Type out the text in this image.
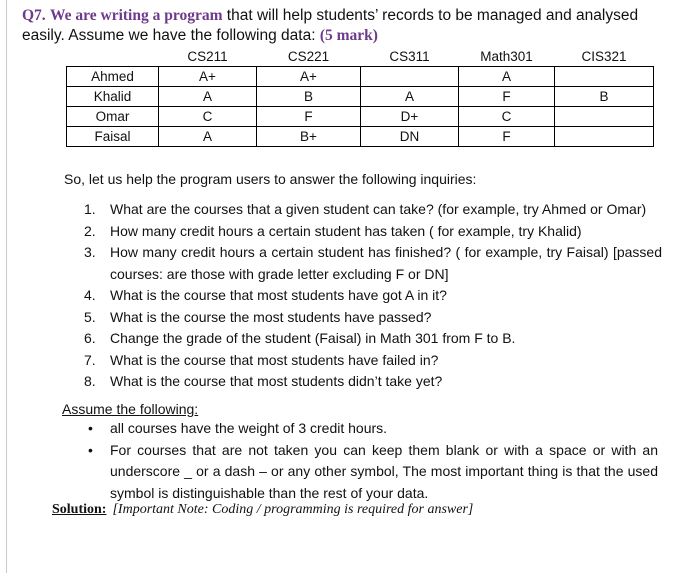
Q7. We are writing a program that will help students’ records to be managed and analysed
easily. Assume we have the following data: (5 mark)
	CS211	CS221	CS311	Math301	CIS321
Ahmed	A+	A+		A	
Khalid	A	B	A	F	B
Omar	C	F	D+	C	
Faisal	A	B+	DN	F	
So, let us help the program users to answer the following inquiries:
1. What are the courses that a given student can take? (for example, try Ahmed or Omar)
2. How many credit hours a certain student has taken ( for example, try Khalid)
3. How many credit hours a certain student has finished? ( for example, try Faisal) [passed courses: are those with grade letter excluding F or DN]
4. What is the course that most students have got A in it?
5. What is the course the most students have passed?
6. Change the grade of the student (Faisal) in Math 301 from F to B.
7. What is the course that most students have failed in?
8. What is the course that most students didn’t take yet?
Assume the following:
• all courses have the weight of 3 credit hours.
• For courses that are not taken you can keep them blank or with a space or with an underscore _ or a dash – or any other symbol, The most important thing is that the used symbol is distinguishable than the rest of your data.
Solution: [Important Note: Coding / programming is required for answer]
